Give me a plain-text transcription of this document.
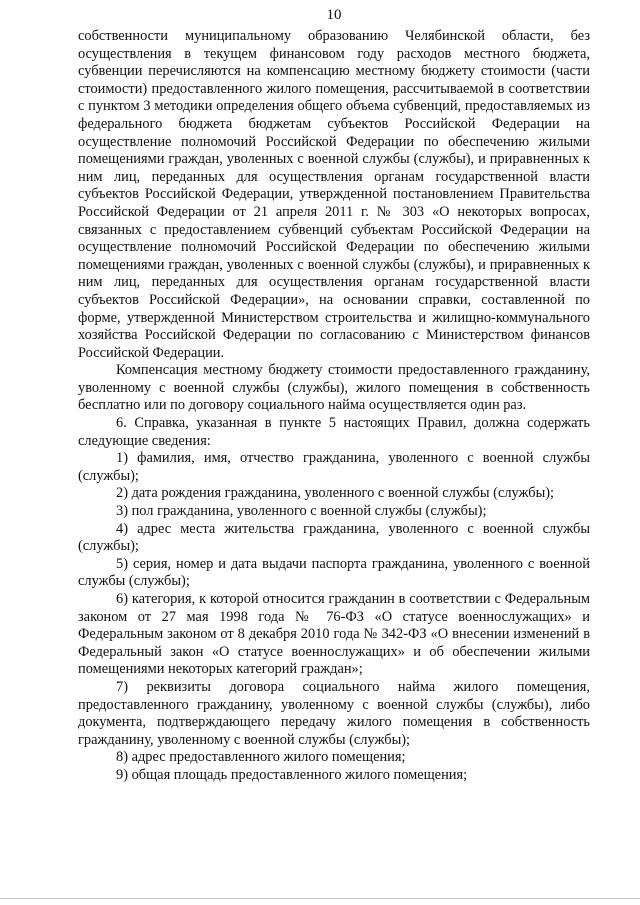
10

собственности муниципальному образованию Челябинской области, без осуществления в текущем финансовом году расходов местного бюджета, субвенции перечисляются на компенсацию местному бюджету стоимости (части стоимости) предоставленного жилого помещения, рассчитываемой в соответствии с пунктом 3 методики определения общего объема субвенций, предоставляемых из федерального бюджета бюджетам субъектов Российской Федерации на осуществление полномочий Российской Федерации по обеспечению жилыми помещениями граждан, уволенных с военной службы (службы), и приравненных к ним лиц, переданных для осуществления органам государственной власти субъектов Российской Федерации, утвержденной постановлением Правительства Российской Федерации от 21 апреля 2011 г. № 303 «О некоторых вопросах, связанных с предоставлением субвенций субъектам Российской Федерации на осуществление полномочий Российской Федерации по обеспечению жилыми помещениями граждан, уволенных с военной службы (службы), и приравненных к ним лиц, переданных для осуществления органам государственной власти субъектов Российской Федерации», на основании справки, составленной по форме, утвержденной Министерством строительства и жилищно-коммунального хозяйства Российской Федерации по согласованию с Министерством финансов Российской Федерации.

Компенсация местному бюджету стоимости предоставленного гражданину, уволенному с военной службы (службы), жилого помещения в собственность бесплатно или по договору социального найма осуществляется один раз.

6. Справка, указанная в пункте 5 настоящих Правил, должна содержать следующие сведения:

1) фамилия, имя, отчество гражданина, уволенного с военной службы (службы);

2) дата рождения гражданина, уволенного с военной службы (службы);

3) пол гражданина, уволенного с военной службы (службы);

4) адрес места жительства гражданина, уволенного с военной службы (службы);

5) серия, номер и дата выдачи паспорта гражданина, уволенного с военной службы (службы);

6) категория, к которой относится гражданин в соответствии с Федеральным законом от 27 мая 1998 года № 76-ФЗ «О статусе военнослужащих» и Федеральным законом от 8 декабря 2010 года № 342-ФЗ «О внесении изменений в Федеральный закон «О статусе военнослужащих» и об обеспечении жилыми помещениями некоторых категорий граждан»;

7) реквизиты договора социального найма жилого помещения, предоставленного гражданину, уволенному с военной службы (службы), либо документа, подтверждающего передачу жилого помещения в собственность гражданину, уволенному с военной службы (службы);

8) адрес предоставленного жилого помещения;

9) общая площадь предоставленного жилого помещения;
